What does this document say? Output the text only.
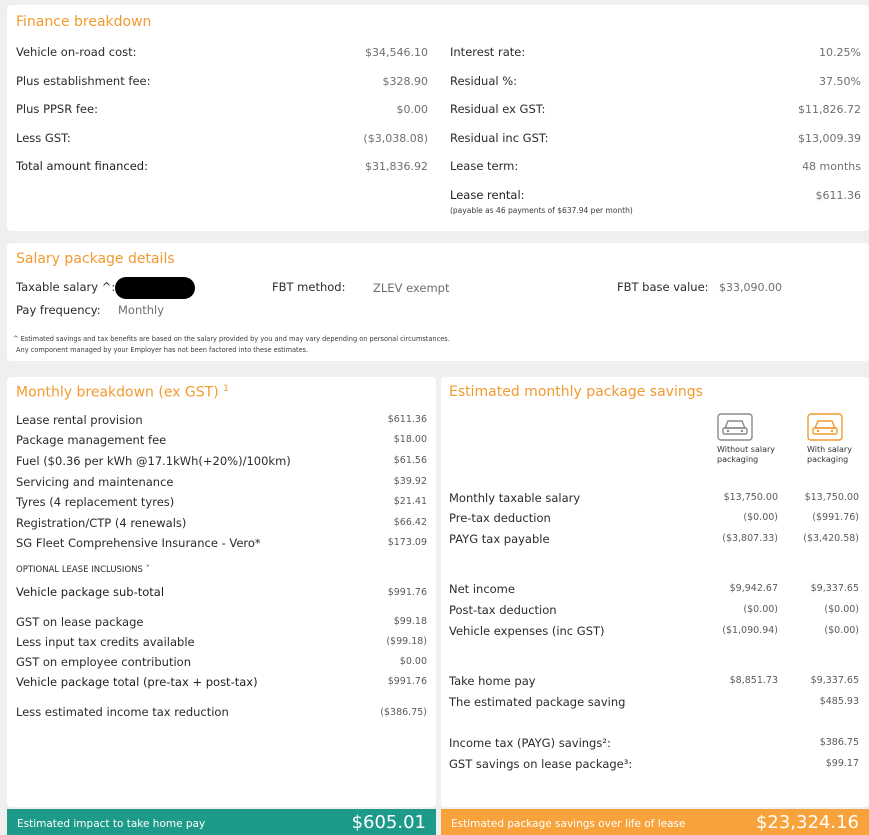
Finance breakdown
Vehicle on-road cost:	$34,546.10
Plus establishment fee:	$328.90
Plus PPSR fee:	$0.00
Less GST:	($3,038.08)
Total amount financed:	$31,836.92
Interest rate:	10.25%
Residual %:	37.50%
Residual ex GST:	$11,826.72
Residual inc GST:	$13,009.39
Lease term:	48 months
Lease rental:	$611.36
(payable as 46 payments of $637.94 per month)
Salary package details
Taxable salary ^:	FBT method: ZLEV exempt	FBT base value: $33,090.00
Pay frequency: Monthly
^ Estimated savings and tax benefits are based on the salary provided by you and may vary depending on personal circumstances.
Any component managed by your Employer has not been factored into these estimates.
Monthly breakdown (ex GST) $^1$
Lease rental provision	$611.36
Package management fee	$18.00
Fuel ($0.36 per kWh @17.1kWh(+20%)/100km)	$61.56
Servicing and maintenance	$39.92
Tyres (4 replacement tyres)	$21.41
Registration/CTP (4 renewals)	$66.42
SG Fleet Comprehensive Insurance - Vero*	$173.09
OPTIONAL LEASE INCLUSIONS ˇ
Vehicle package sub-total	$991.76
GST on lease package	$99.18
Less input tax credits available	($99.18)
GST on employee contribution	$0.00
Vehicle package total (pre-tax + post-tax)	$991.76
Less estimated income tax reduction	($386.75)
Estimated monthly package savings
Without salary packaging
With salary packaging
Monthly taxable salary	$13,750.00	$13,750.00
Pre-tax deduction	($0.00)	($991.76)
PAYG tax payable	($3,807.33)	($3,420.58)
Net income	$9,942.67	$9,337.65
Post-tax deduction	($0.00)	($0.00)
Vehicle expenses (inc GST)	($1,090.94)	($0.00)
Take home pay	$8,851.73	$9,337.65
The estimated package saving	$485.93
Income tax (PAYG) savings²:	$386.75
GST savings on lease package³:	$99.17
Estimated impact to take home pay	$605.01 Estimated package savings over life of lease	$23,324.16
